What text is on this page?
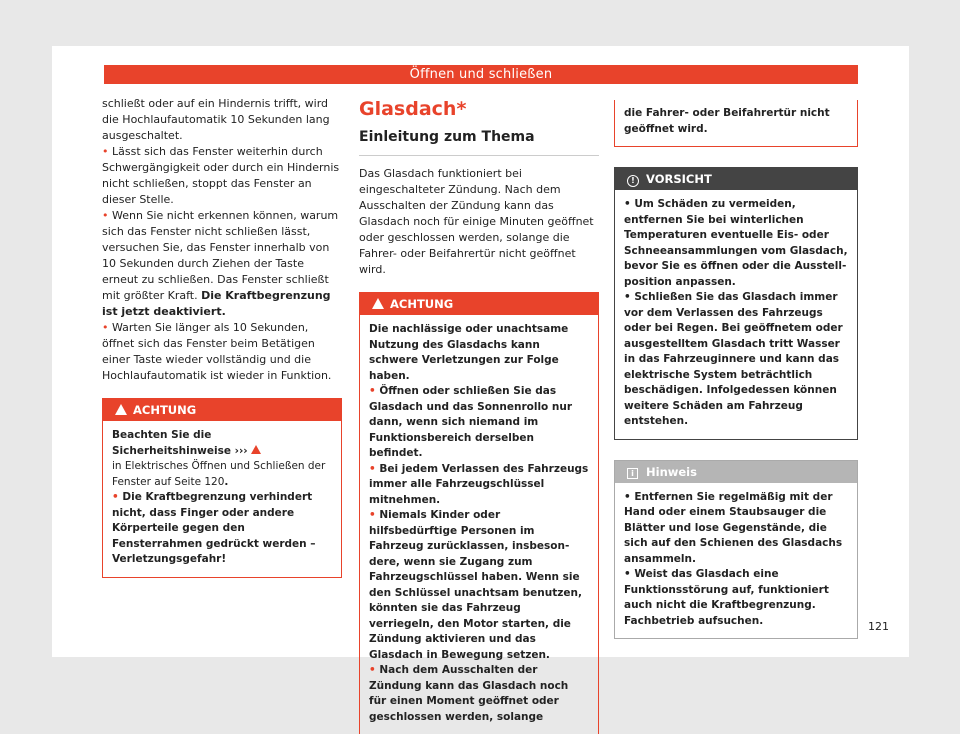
Öffnen und schließen

schließt oder auf ein Hindernis trifft, wird die Hochlaufautomatik 10 Sekunden lang ausgeschaltet.

• Lässt sich das Fenster weiterhin durch Schwergängigkeit oder durch ein Hindernis nicht schließen, stoppt das Fenster an dieser Stelle.

• Wenn Sie nicht erkennen können, warum sich das Fenster nicht schließen lässt, versuchen Sie, das Fenster innerhalb von 10 Sekunden durch Ziehen der Taste erneut zu schließen. Das Fenster schließt mit größter Kraft. Die Kraftbegrenzung ist jetzt deaktiviert.

• Warten Sie länger als 10 Sekunden, öffnet sich das Fenster beim Betätigen einer Taste wieder vollständig und die Hochlaufautomatik ist wieder in Funktion.

ACHTUNG

Beachten Sie die Sicherheitshinweise ›››
in Elektrisches Öffnen und Schließen der Fenster auf Seite 120.

• Die Kraftbegrenzung verhindert nicht, dass Finger oder andere Körperteile gegen den Fensterrahmen gedrückt werden – Verletzungsgefahr!

Glasdach*

Einleitung zum Thema

Das Glasdach funktioniert bei eingeschalteter Zündung. Nach dem Ausschalten der Zündung kann das Glasdach noch für einige Minuten geöffnet oder geschlossen werden, solange die Fahrer- oder Beifahrertür nicht geöffnet wird.

ACHTUNG

Die nachlässige oder unachtsame Nutzung des Glasdachs kann schwere Verletzungen zur Folge haben.

• Öffnen oder schließen Sie das Glasdach und das Sonnenrollo nur dann, wenn sich niemand im Funktionsbereich derselben befindet.

• Bei jedem Verlassen des Fahrzeugs immer alle Fahrzeugschlüssel mitnehmen.

• Niemals Kinder oder hilfsbedürftige Personen im Fahrzeug zurücklassen, insbesondere, wenn sie Zugang zum Fahrzeugschlüssel haben. Wenn sie den Schlüssel unachtsam benutzen, könnten sie das Fahrzeug verriegeln, den Motor starten, die Zündung aktivieren und das Glasdach in Bewegung setzen.

• Nach dem Ausschalten der Zündung kann das Glasdach noch für einen Moment geöffnet oder geschlossen werden, solange

die Fahrer- oder Beifahrertür nicht geöffnet wird.

! VORSICHT

• Um Schäden zu vermeiden, entfernen Sie bei winterlichen Temperaturen eventuelle Eis- oder Schneeansammlungen vom Glasdach, bevor Sie es öffnen oder die Ausstellposition anpassen.

• Schließen Sie das Glasdach immer vor dem Verlassen des Fahrzeugs oder bei Regen. Bei geöffnetem oder ausgestelltem Glasdach tritt Wasser in das Fahrzeuginnere und kann das elektrische System beträchtlich beschädigen. Infolgedessen können weitere Schäden am Fahrzeug entstehen.

i Hinweis

• Entfernen Sie regelmäßig mit der Hand oder einem Staubsauger die Blätter und lose Gegenstände, die sich auf den Schienen des Glasdachs ansammeln.

• Weist das Glasdach eine Funktionsstörung auf, funktioniert auch nicht die Kraftbegrenzung. Fachbetrieb aufsuchen.	121
